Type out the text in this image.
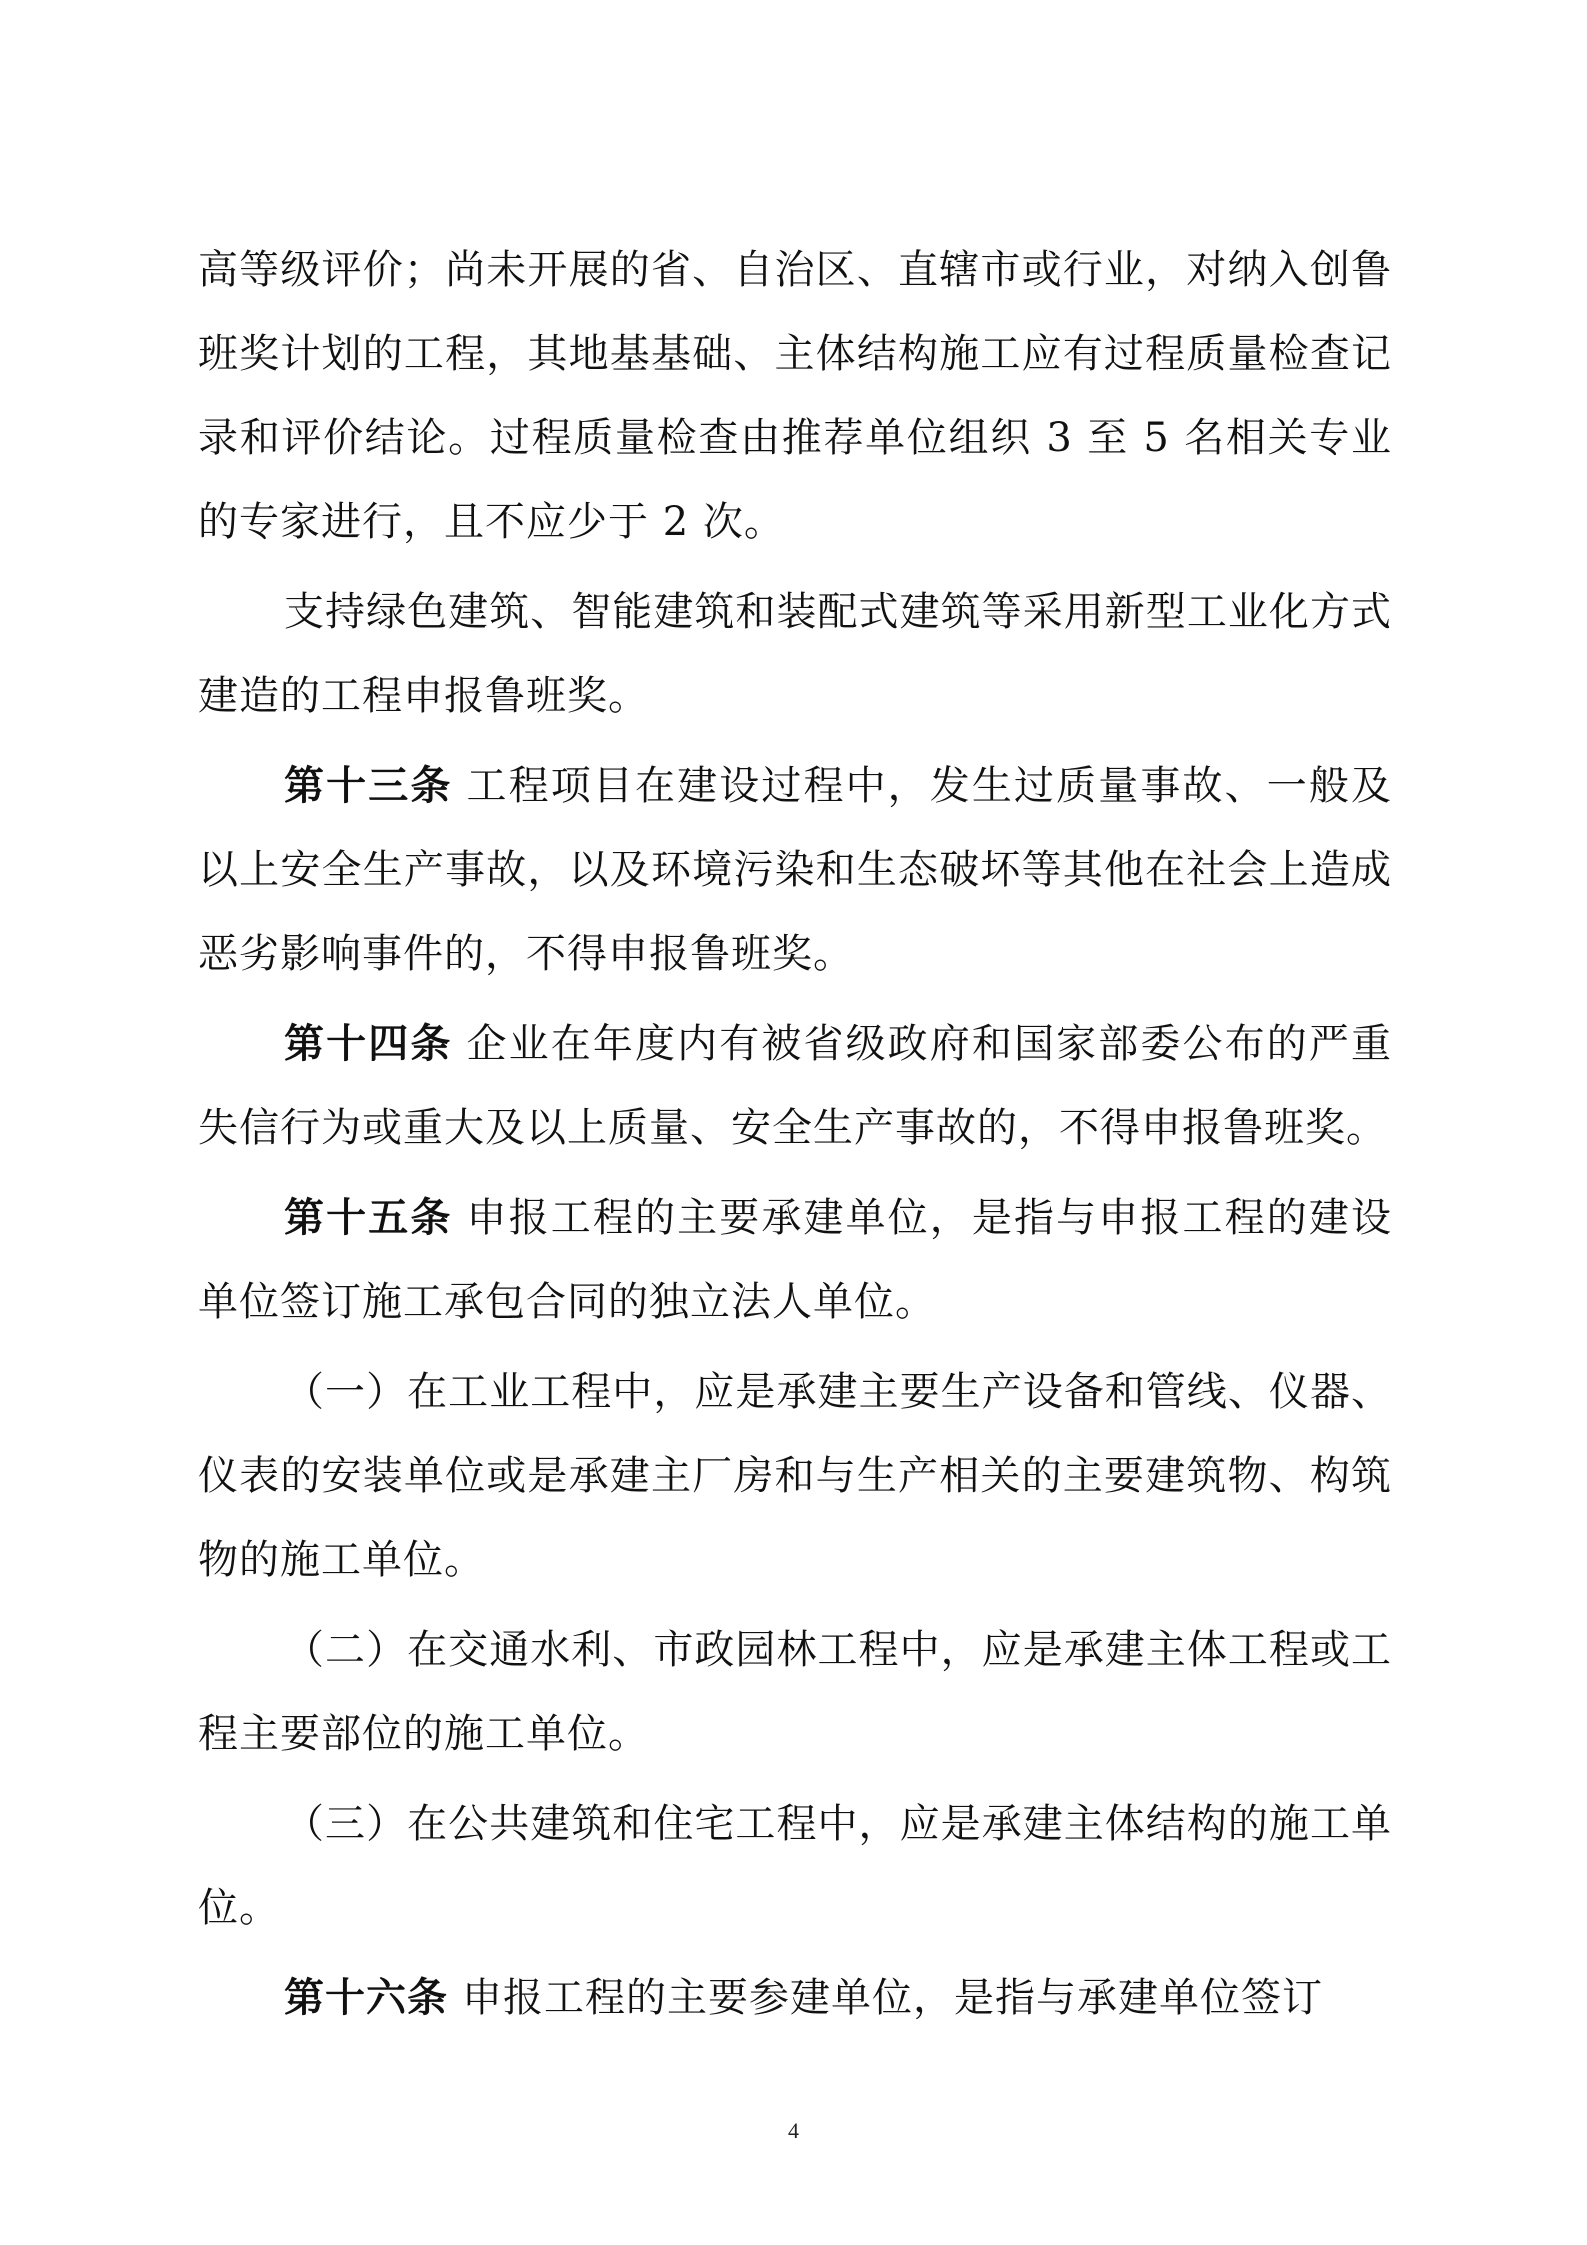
高等级评价；尚未开展的省、自治区、直辖市或行业，对纳入创鲁班奖计划的工程，其地基基础、主体结构施工应有过程质量检查记录和评价结论。过程质量检查由推荐单位组织 3 至 5 名相关专业的专家进行，且不应少于 2 次。

支持绿色建筑、智能建筑和装配式建筑等采用新型工业化方式建造的工程申报鲁班奖。

第十三条 工程项目在建设过程中，发生过质量事故、一般及以上安全生产事故，以及环境污染和生态破坏等其他在社会上造成恶劣影响事件的，不得申报鲁班奖。

第十四条 企业在年度内有被省级政府和国家部委公布的严重失信行为或重大及以上质量、安全生产事故的，不得申报鲁班奖。

第十五条 申报工程的主要承建单位，是指与申报工程的建设单位签订施工承包合同的独立法人单位。

（一）在工业工程中，应是承建主要生产设备和管线、仪器、仪表的安装单位或是承建主厂房和与生产相关的主要建筑物、构筑物的施工单位。

（二）在交通水利、市政园林工程中，应是承建主体工程或工程主要部位的施工单位。

（三）在公共建筑和住宅工程中，应是承建主体结构的施工单位。

第十六条 申报工程的主要参建单位，是指与承建单位签订

4
